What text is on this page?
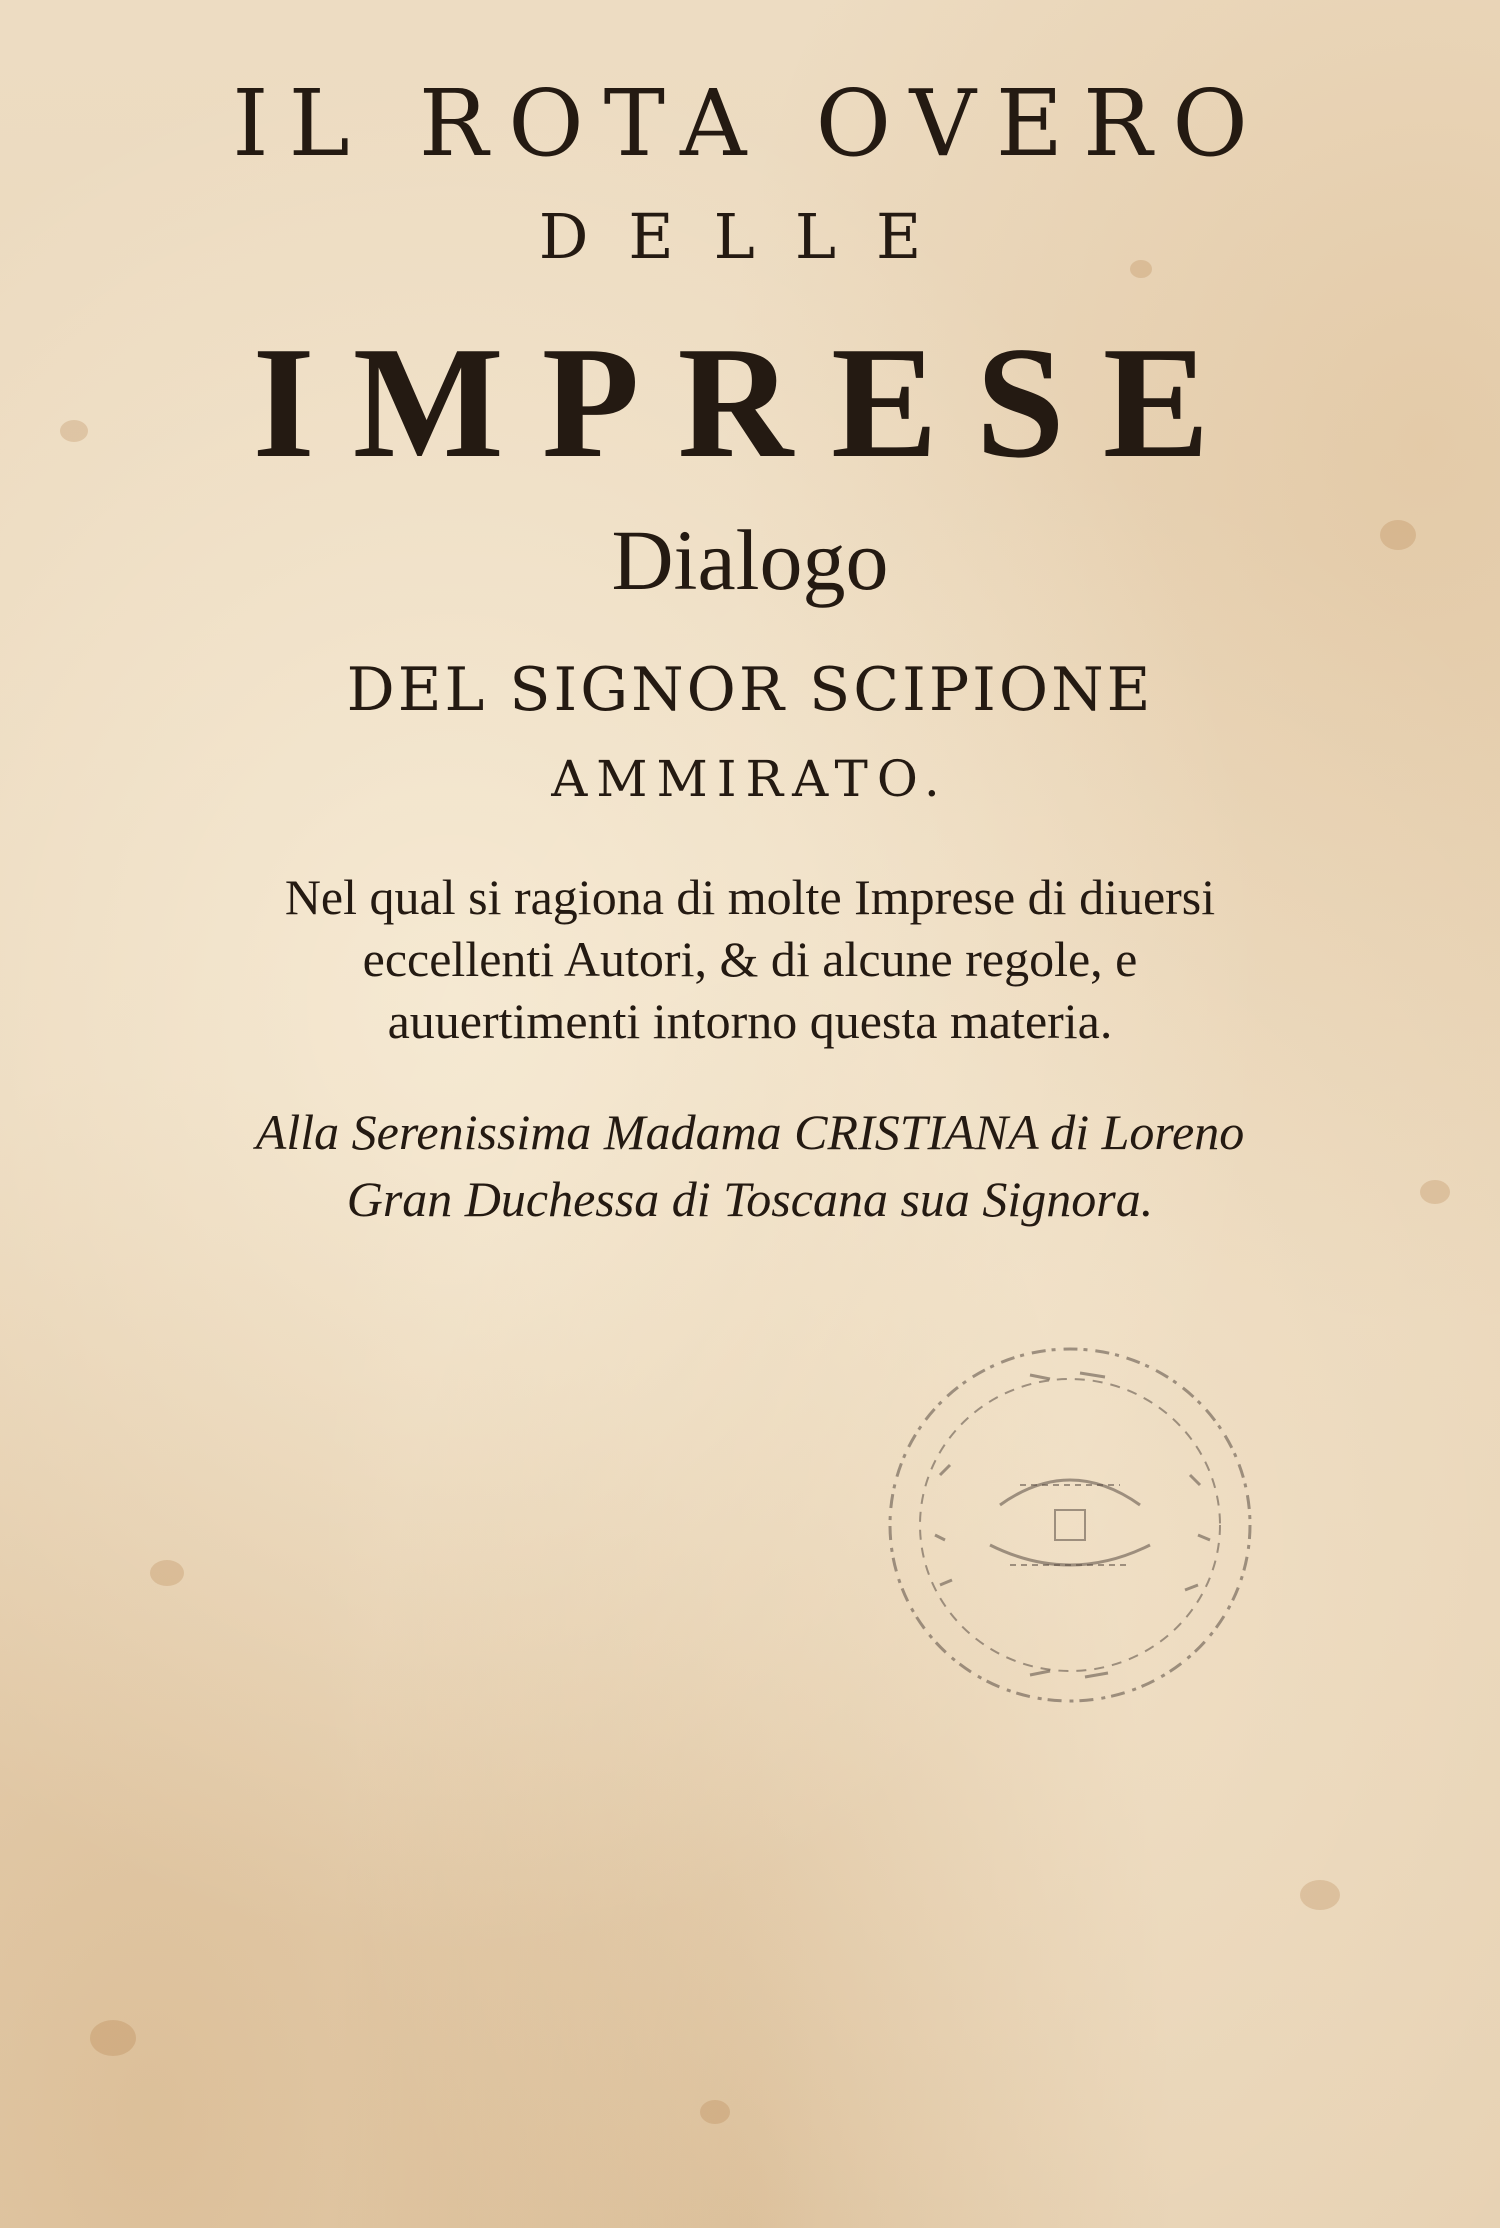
IL ROTA OVERO
DELLE
IMPRESE
Dialogo
DEL SIGNOR SCIPIONE
AMMIRATO.
Nel qual si ragiona di molte Imprese di diuersi
eccellenti Autori, & di alcune regole, e
auuertimenti intorno questa materia.
Alla Serenissima Madama CRISTIANA di Loreno
Gran Duchessa di Toscana sua Signora.
